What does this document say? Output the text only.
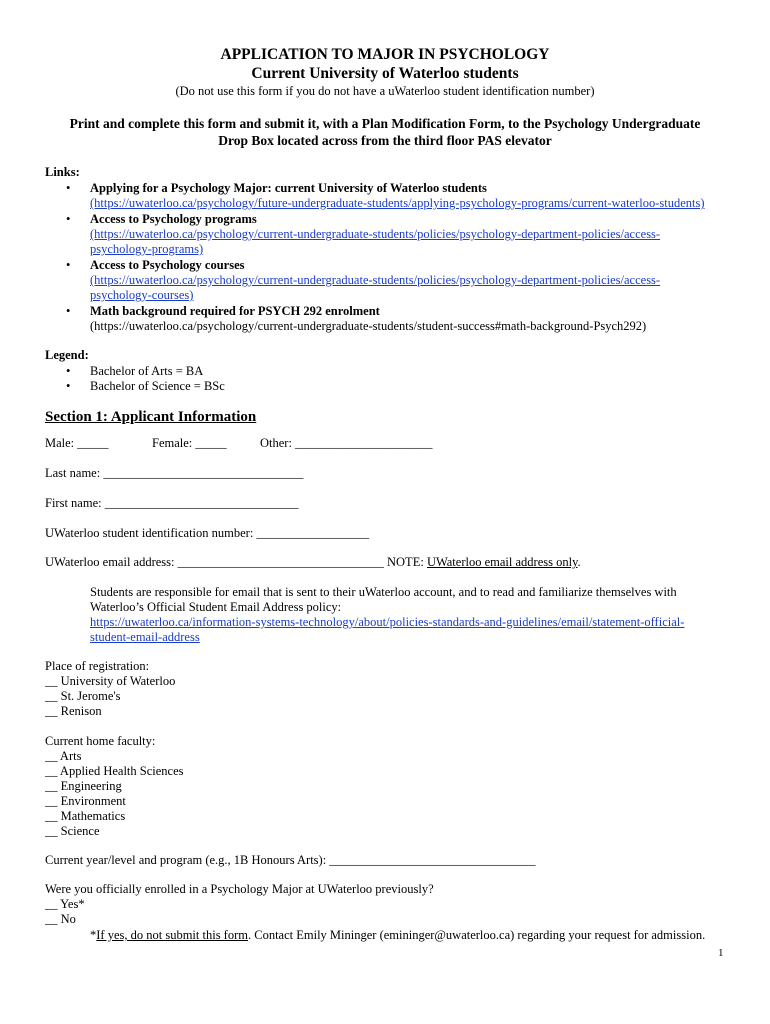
APPLICATION TO MAJOR IN PSYCHOLOGY
Current University of Waterloo students
(Do not use this form if you do not have a uWaterloo student identification number)
Print and complete this form and submit it, with a Plan Modification Form, to the Psychology Undergraduate
Drop Box located across from the third floor PAS elevator
Links:
• Applying for a Psychology Major: current University of Waterloo students
(https://uwaterloo.ca/psychology/future-undergraduate-students/applying-psychology-programs/current-waterloo-students)
• Access to Psychology programs
(https://uwaterloo.ca/psychology/current-undergraduate-students/policies/psychology-department-policies/access-
psychology-programs)
• Access to Psychology courses
(https://uwaterloo.ca/psychology/current-undergraduate-students/policies/psychology-department-policies/access-
psychology-courses)
• Math background required for PSYCH 292 enrolment
(https://uwaterloo.ca/psychology/current-undergraduate-students/student-success#math-background-Psych292)
Legend:
• Bachelor of Arts = BA
• Bachelor of Science = BSc
Section 1: Applicant Information
Male: _____	Female: _____	Other: ______________________
Last name: ________________________________
First name: _______________________________
UWaterloo student identification number: __________________
UWaterloo email address: _________________________________ NOTE: UWaterloo email address only.
Students are responsible for email that is sent to their uWaterloo account, and to read and familiarize themselves with
Waterloo’s Official Student Email Address policy:
https://uwaterloo.ca/information-systems-technology/about/policies-standards-and-guidelines/email/statement-official-
student-email-address
Place of registration:
__ University of Waterloo
__ St. Jerome's
__ Renison
Current home faculty:
__ Arts
__ Applied Health Sciences
__ Engineering
__ Environment
__ Mathematics
__ Science
Current year/level and program (e.g., 1B Honours Arts): _________________________________
Were you officially enrolled in a Psychology Major at UWaterloo previously?
__ Yes*
__ No
*If yes, do not submit this form. Contact Emily Mininger (emininger@uwaterloo.ca) regarding your request for admission.
1
